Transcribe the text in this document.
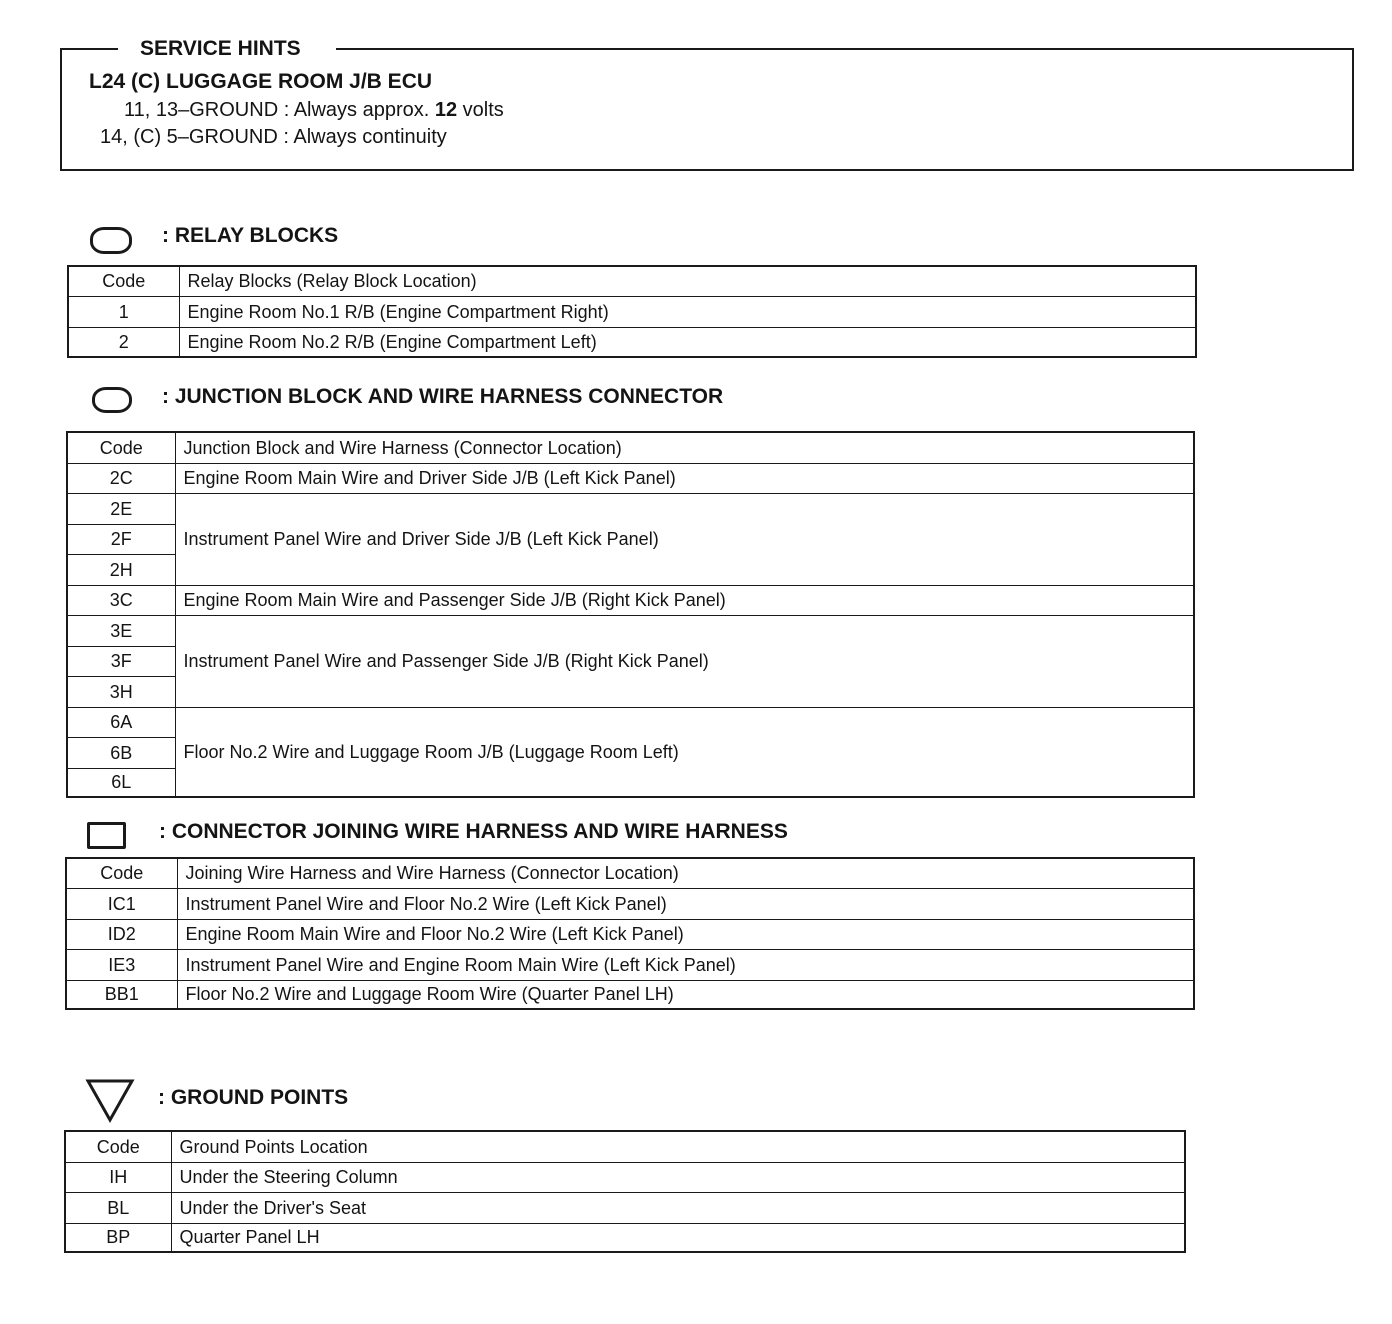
SERVICE HINTS
L24 (C) LUGGAGE ROOM J/B ECU
11, 13–GROUND : Always approx. 12 volts
14, (C) 5–GROUND : Always continuity
: RELAY BLOCKS
Code	Relay Blocks (Relay Block Location)
1	Engine Room No.1 R/B (Engine Compartment Right)
2	Engine Room No.2 R/B (Engine Compartment Left)
: JUNCTION BLOCK AND WIRE HARNESS CONNECTOR
Code	Junction Block and Wire Harness (Connector Location)
2C	Engine Room Main Wire and Driver Side J/B (Left Kick Panel)
2E	Instrument Panel Wire and Driver Side J/B (Left Kick Panel)
2F	
2H	
3C	Engine Room Main Wire and Passenger Side J/B (Right Kick Panel)
3E	Instrument Panel Wire and Passenger Side J/B (Right Kick Panel)
3F	
3H	
6A	Floor No.2 Wire and Luggage Room J/B (Luggage Room Left)
6B	
6L	
: CONNECTOR JOINING WIRE HARNESS AND WIRE HARNESS
Code	Joining Wire Harness and Wire Harness (Connector Location)
IC1	Instrument Panel Wire and Floor No.2 Wire (Left Kick Panel)
ID2	Engine Room Main Wire and Floor No.2 Wire (Left Kick Panel)
IE3	Instrument Panel Wire and Engine Room Main Wire (Left Kick Panel)
BB1	Floor No.2 Wire and Luggage Room Wire (Quarter Panel LH)
: GROUND POINTS
Code	Ground Points Location
IH	Under the Steering Column
BL	Under the Driver's Seat
BP	Quarter Panel LH
